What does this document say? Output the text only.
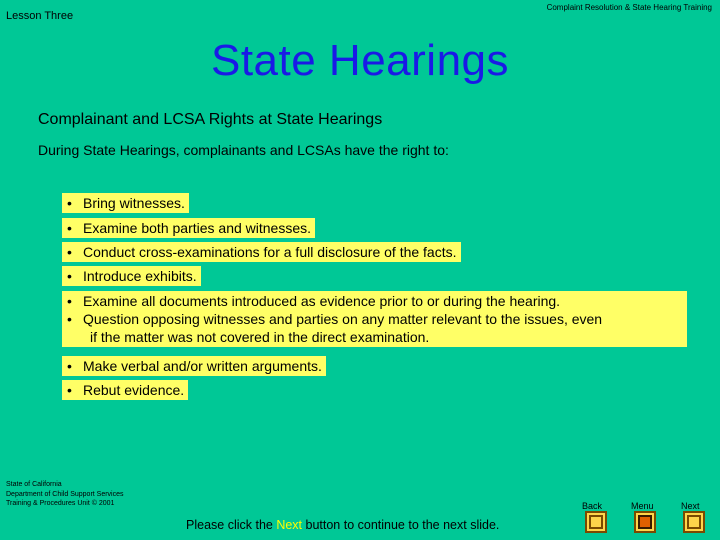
Lesson Three
Complaint Resolution & State Hearing Training
State Hearings
Complainant and LCSA Rights at State Hearings
During State Hearings, complainants and LCSAs have the right to:
• Bring witnesses.
• Examine both parties and witnesses.
• Conduct cross-examinations for a full disclosure of the facts.
• Introduce exhibits.
• Examine all documents introduced as evidence prior to or during the hearing.
• Question opposing witnesses and parties on any matter relevant to the issues, even
if the matter was not covered in the direct examination.
• Make verbal and/or written arguments.
• Rebut evidence.
State of California
Department of Child Support Services
Training & Procedures Unit © 2001
Please click the Next button to continue to the next slide.
Back	Menu	Next
